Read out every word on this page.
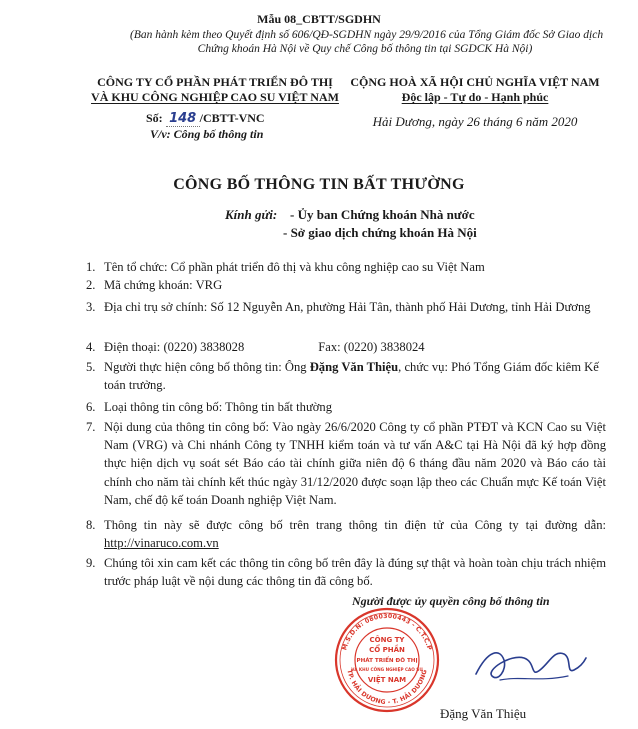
Mẫu 08_CBTT/SGDHN
(Ban hành kèm theo Quyết định số 606/QĐ-SGDHN ngày 29/9/2016 của Tổng Giám đốc Sở Giao dịch
Chứng khoán Hà Nội về Quy chế Công bố thông tin tại SGDCK Hà Nội)
CÔNG TY CỔ PHẦN PHÁT TRIỂN ĐÔ THỊ
VÀ KHU CÔNG NGHIỆP CAO SU VIỆT NAM
Số: 148 /CBTT-VNC
V/v: Công bố thông tin
CỘNG HOÀ XÃ HỘI CHỦ NGHĨA VIỆT NAM
Độc lập - Tự do - Hạnh phúc
Hải Dương, ngày 26 tháng 6 năm 2020
CÔNG BỐ THÔNG TIN BẤT THƯỜNG
Kính gửi: - Ủy ban Chứng khoán Nhà nước
- Sở giao dịch chứng khoán Hà Nội
1. Tên tổ chức: Cổ phần phát triển đô thị và khu công nghiệp cao su Việt Nam
2. Mã chứng khoán: VRG
3. Địa chỉ trụ sở chính: Số 12 Nguyễn An, phường Hải Tân, thành phố Hải Dương, tỉnh Hải Dương
4. Điện thoại: (0220) 3838028	Fax: (0220) 3838024
5. Người thực hiện công bố thông tin: Ông Đặng Văn Thiệu, chức vụ: Phó Tổng Giám đốc kiêm Kế toán trưởng.
6. Loại thông tin công bố: Thông tin bất thường
7. Nội dung của thông tin công bố: Vào ngày 26/6/2020 Công ty cổ phần PTĐT và KCN Cao su Việt Nam (VRG) và Chi nhánh Công ty TNHH kiểm toán và tư vấn A&C tại Hà Nội đã ký hợp đồng thực hiện dịch vụ soát sét Báo cáo tài chính giữa niên độ 6 tháng đầu năm 2020 và Báo cáo tài chính cho năm tài chính kết thúc ngày 31/12/2020 được soạn lập theo các Chuẩn mực Kế toán Việt Nam, chế độ kế toán Doanh nghiệp Việt Nam.
8. Thông tin này sẽ được công bố trên trang thông tin điện tử của Công ty tại đường dẫn: http://vinaruco.com.vn
9. Chúng tôi xin cam kết các thông tin công bố trên đây là đúng sự thật và hoàn toàn chịu trách nhiệm trước pháp luật về nội dung các thông tin đã công bố.
Người được ủy quyền công bố thông tin
M.S.D.N: 0800300443 - C.T.C.P
TP. HẢI DƯƠNG - T. HẢI DƯƠNG
CÔNG TY
CỔ PHẦN
PHÁT TRIỂN ĐÔ THỊ
VÀ KHU CÔNG NGHIỆP CAO SU
VIỆT NAM
Đặng Văn Thiệu
